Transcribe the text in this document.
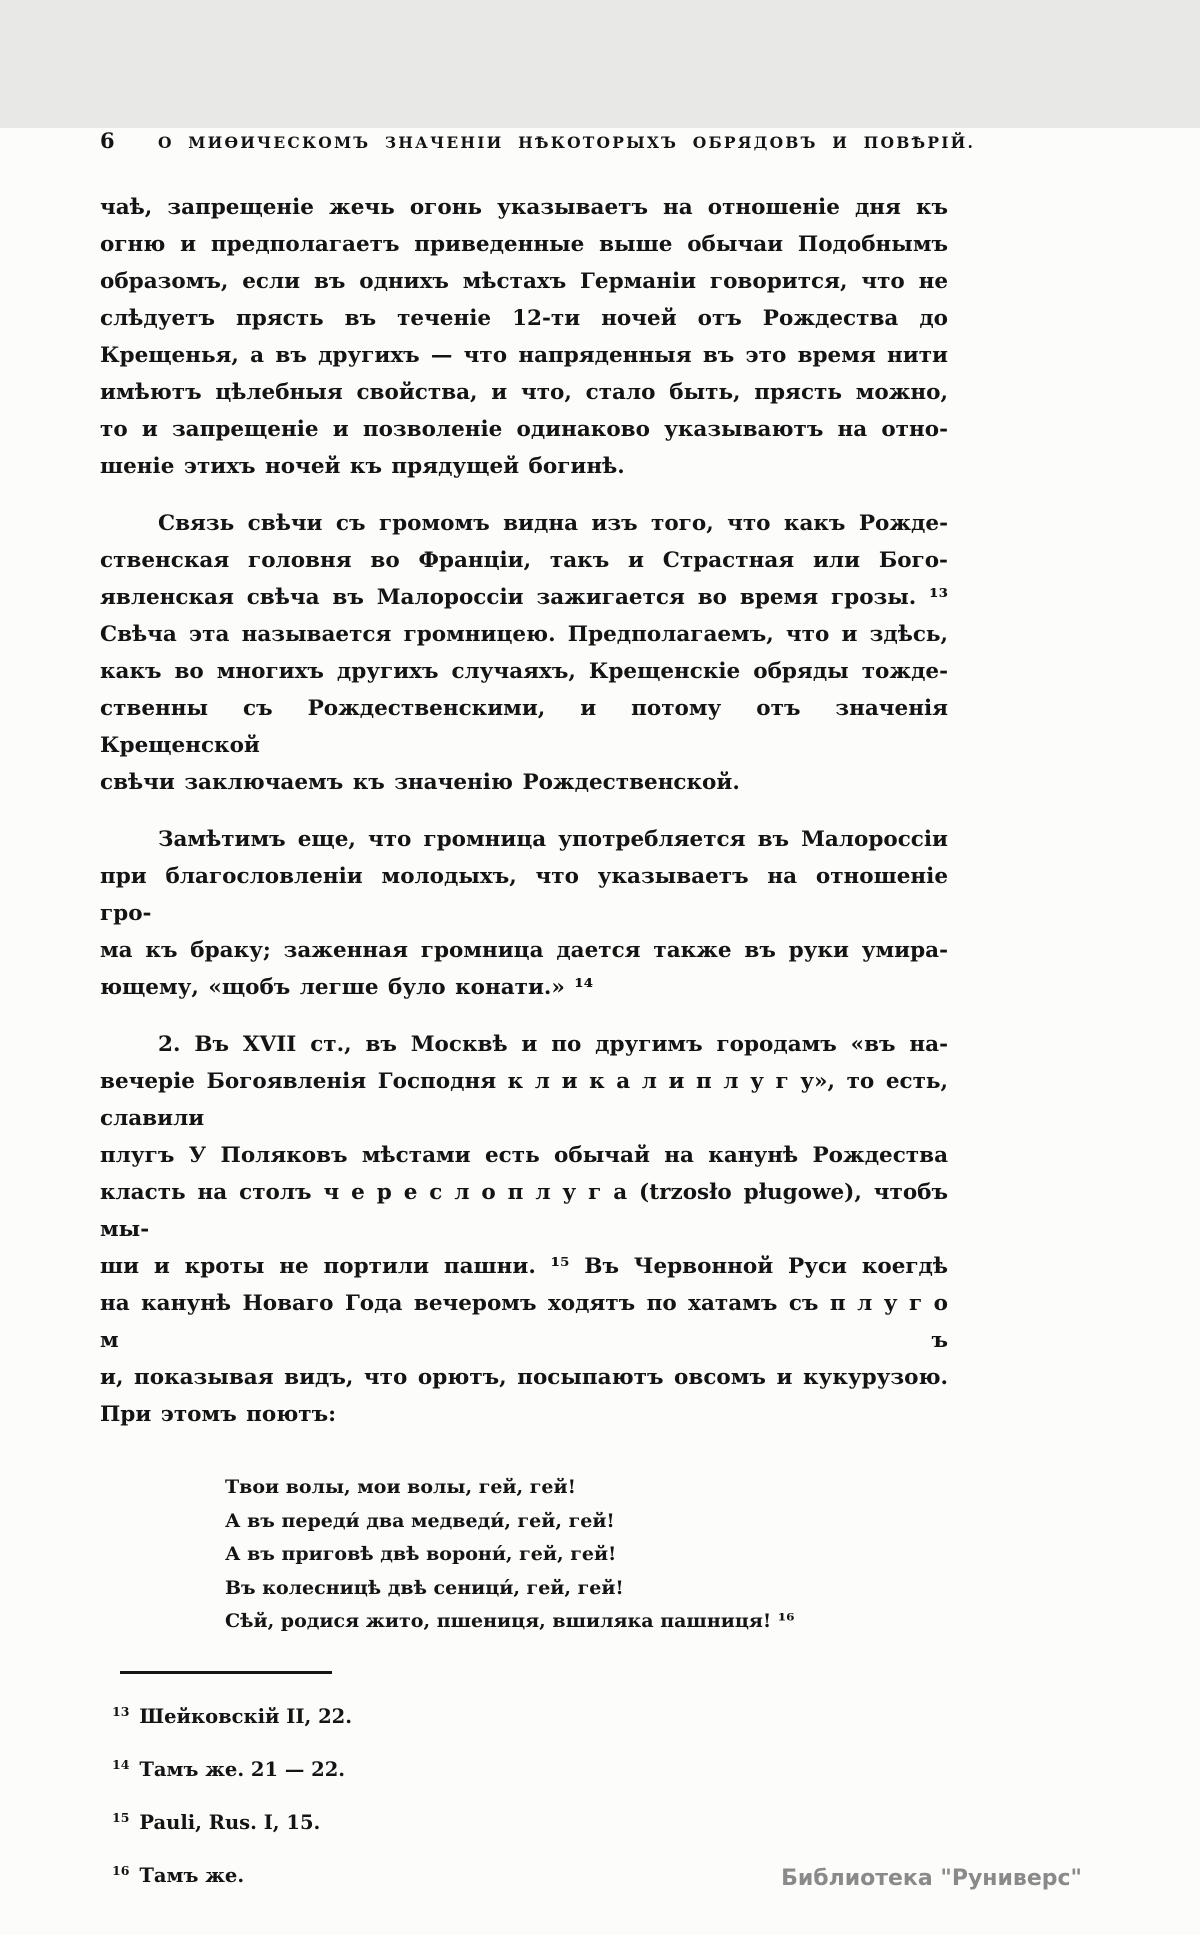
6	О МИѲИЧЕСКОМЪ ЗНАЧЕНІИ НѢКОТОРЫХЪ ОБРЯДОВЪ И ПОВѢРІЙ.
чаѣ, запрещеніе жечь огонь указываетъ на отношеніе дня къ
огню и предполагаетъ приведенные выше обычаи Подобнымъ
образомъ, если въ однихъ мѣстахъ Германіи говорится, что не
слѣдуетъ прясть въ теченіе 12-ти ночей отъ Рождества до
Крещенья, а въ другихъ — что напряденныя въ это время нити
имѣютъ цѣлебныя свойства, и что, стало быть, прясть можно,
то и запрещеніе и позволеніе одинаково указываютъ на отно-
шеніе этихъ ночей къ прядущей богинѣ.
Связь свѣчи съ громомъ видна изъ того, что какъ Рожде-
ственская головня во Франціи, такъ и Страстная или Бого-
явленская свѣча въ Малороссіи зажигается во время грозы. ¹³
Свѣча эта называется громницею. Предполагаемъ, что и здѣсь,
какъ во многихъ другихъ случаяхъ, Крещенскіе обряды тожде-
ственны съ Рождественскими, и потому отъ значенія Крещенской
свѣчи заключаемъ къ значенію Рождественской.
Замѣтимъ еще, что громница употребляется въ Малороссіи
при благословленіи молодыхъ, что указываетъ на отношеніе гро-
ма къ браку; заженная громница дается также въ руки умира-
ющему, «щобъ легше було конати.» ¹⁴
2. Въ XVII ст., въ Москвѣ и по другимъ городамъ «въ на-
вечеріе Богоявленія Господня к л и к а л и п л у г у», то есть, славили
плугъ У Поляковъ мѣстами есть обычай на канунѣ Рождества
класть на столъ ч е р е с л о п л у г а (trzosło pługowe), чтобъ мы-
ши и кроты не портили пашни. ¹⁵ Въ Червонной Руси коегдѣ
на канунѣ Новаго Года вечеромъ ходятъ по хатамъ съ п л у г о м ъ
и, показывая видъ, что орютъ, посыпаютъ овсомъ и кукурузою.
При этомъ поютъ:
Твои волы, мои волы, гей, гей!
А въ переди́ два медведи́, гей, гей!
А въ приговѣ двѣ ворони́, гей, гей!
Въ колесницѣ двѣ сеници́, гей, гей!
Сѣй, родися жито, пшениця, вшиляка пашниця! ¹⁶
$^{13}$ Шейковскій II, 22.
$^{14}$ Тамъ же. 21 — 22.
$^{15}$ Pauli, Rus. I, 15.
$^{16}$ Тамъ же.	Библиотека "Руниверс"
